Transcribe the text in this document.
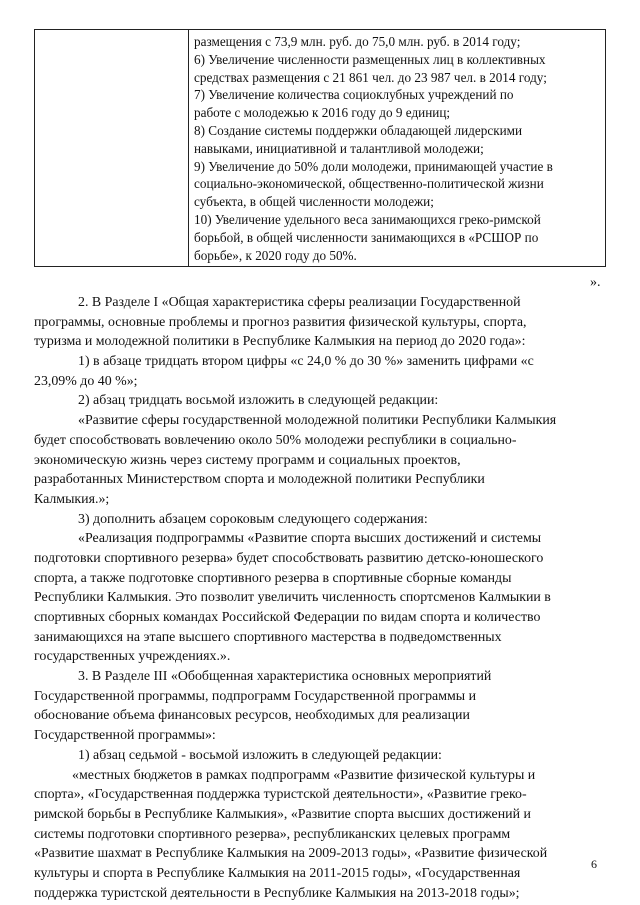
размещения с 73,9 млн. руб. до 75,0 млн. руб. в 2014 году;
6) Увеличение численности размещенных лиц в коллективных
средствах размещения с 21 861 чел. до 23 987 чел. в 2014 году;
7) Увеличение количества социоклубных учреждений по
работе с молодежью к 2016 году до 9 единиц;
8) Создание системы поддержки обладающей лидерскими
навыками, инициативной и талантливой молодежи;
9) Увеличение до 50% доли молодежи, принимающей участие в
социально-экономической, общественно-политической жизни
субъекта, в общей численности молодежи;
10) Увеличение удельного веса занимающихся греко-римской
борьбой, в общей численности занимающихся в «РСШОР по
борьбе», к 2020 году до 50%.
».
2. В Разделе I «Общая характеристика сферы реализации Государственной
программы, основные проблемы и прогноз развития физической культуры, спорта,
туризма и молодежной политики в Республике Калмыкия на период до 2020 года»:
1) в абзаце тридцать втором цифры «с 24,0 % до 30 %» заменить цифрами «с
23,09% до 40 %»;
2) абзац тридцать восьмой изложить в следующей редакции:
«Развитие сферы государственной молодежной политики Республики Калмыкия
будет способствовать вовлечению около 50% молодежи республики в социально-
экономическую жизнь через систему программ и социальных проектов,
разработанных Министерством спорта и молодежной политики Республики
Калмыкия.»;
3) дополнить абзацем сороковым следующего содержания:
«Реализация подпрограммы «Развитие спорта высших достижений и системы
подготовки спортивного резерва» будет способствовать развитию детско-юношеского
спорта, а также подготовке спортивного резерва в спортивные сборные команды
Республики Калмыкия. Это позволит увеличить численность спортсменов Калмыкии в
спортивных сборных командах Российской Федерации по видам спорта и количество
занимающихся на этапе высшего спортивного мастерства в подведомственных
государственных учреждениях.».
3. В Разделе III «Обобщенная характеристика основных мероприятий
Государственной программы, подпрограмм Государственной программы и
обоснование объема финансовых ресурсов, необходимых для реализации
Государственной программы»:
1) абзац седьмой - восьмой изложить в следующей редакции:
«местных бюджетов в рамках подпрограмм «Развитие физической культуры и
спорта», «Государственная поддержка туристской деятельности», «Развитие греко-
римской борьбы в Республике Калмыкия», «Развитие спорта высших достижений и
системы подготовки спортивного резерва», республиканских целевых программ
«Развитие шахмат в Республике Калмыкия на 2009-2013 годы», «Развитие физической
культуры и спорта в Республике Калмыкия на 2011-2015 годы», «Государственная
поддержка туристской деятельности в Республике Калмыкия на 2013-2018 годы»;
6
